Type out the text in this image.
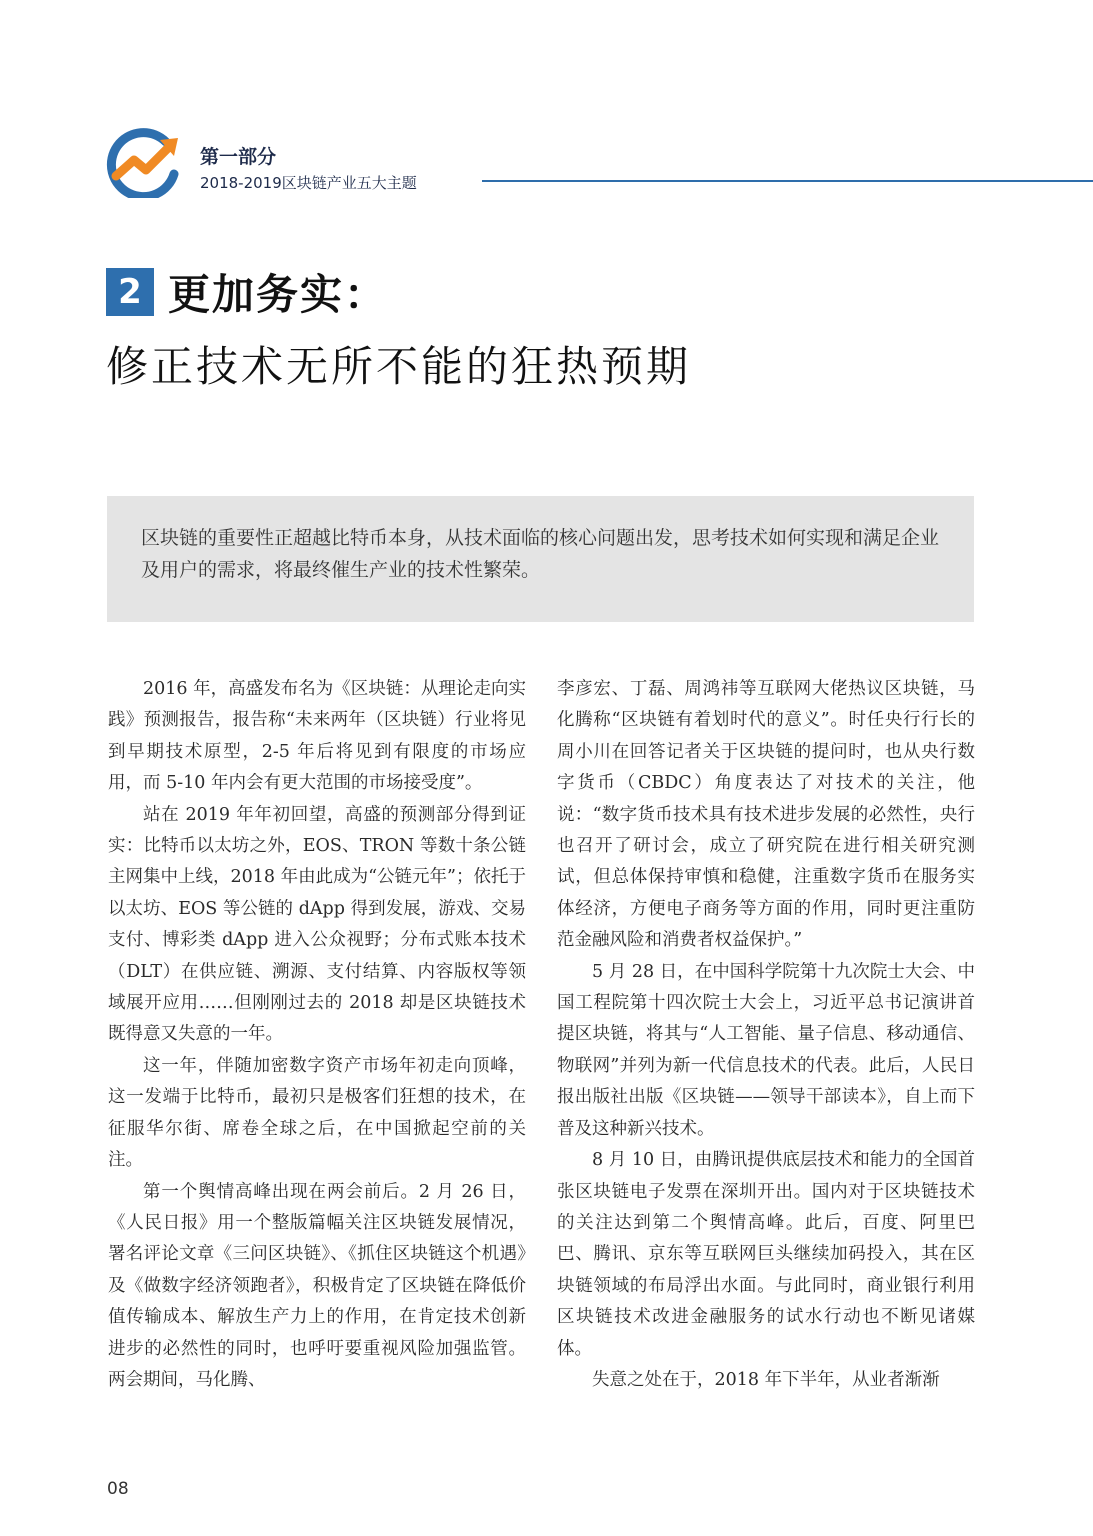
第一部分
2018-2019区块链产业五大主题
2 更加务实：
修正技术无所不能的狂热预期

区块链的重要性正超越比特币本身，从技术面临的核心问题出发，思考技术如何实现和满足企业及用户的需求，将最终催生产业的技术性繁荣。

2016 年，高盛发布名为《区块链：从理论走向实践》预测报告，报告称“未来两年（区块链）行业将见到早期技术原型，2-5 年后将见到有限度的市场应用，而 5-10 年内会有更大范围的市场接受度”。

站在 2019 年年初回望，高盛的预测部分得到证实：比特币以太坊之外，EOS、TRON 等数十条公链主网集中上线，2018 年由此成为“公链元年”；依托于以太坊、EOS 等公链的 dApp 得到发展，游戏、交易支付、博彩类 dApp 进入公众视野；分布式账本技术（DLT）在供应链、溯源、支付结算、内容版权等领域展开应用……但刚刚过去的 2018 却是区块链技术既得意又失意的一年。

这一年，伴随加密数字资产市场年初走向顶峰，这一发端于比特币，最初只是极客们狂想的技术，在征服华尔街、席卷全球之后，在中国掀起空前的关注。

第一个舆情高峰出现在两会前后。2 月 26 日，《人民日报》用一个整版篇幅关注区块链发展情况，署名评论文章《三问区块链》、《抓住区块链这个机遇》及《做数字经济领跑者》，积极肯定了区块链在降低价值传输成本、解放生产力上的作用，在肯定技术创新进步的必然性的同时，也呼吁要重视风险加强监管。两会期间，马化腾、

李彦宏、丁磊、周鸿祎等互联网大佬热议区块链，马化腾称“区块链有着划时代的意义”。时任央行行长的周小川在回答记者关于区块链的提问时，也从央行数字货币（CBDC）角度表达了对技术的关注，他说：“数字货币技术具有技术进步发展的必然性，央行也召开了研讨会，成立了研究院在进行相关研究测试，但总体保持审慎和稳健，注重数字货币在服务实体经济，方便电子商务等方面的作用，同时更注重防范金融风险和消费者权益保护。”

5 月 28 日，在中国科学院第十九次院士大会、中国工程院第十四次院士大会上，习近平总书记演讲首提区块链，将其与“人工智能、量子信息、移动通信、物联网”并列为新一代信息技术的代表。此后，人民日报出版社出版《区块链——领导干部读本》，自上而下普及这种新兴技术。

8 月 10 日，由腾讯提供底层技术和能力的全国首张区块链电子发票在深圳开出。国内对于区块链技术的关注达到第二个舆情高峰。此后，百度、阿里巴巴、腾讯、京东等互联网巨头继续加码投入，其在区块链领域的布局浮出水面。与此同时，商业银行利用区块链技术改进金融服务的试水行动也不断见诸媒体。

失意之处在于，2018 年下半年，从业者渐渐

08
